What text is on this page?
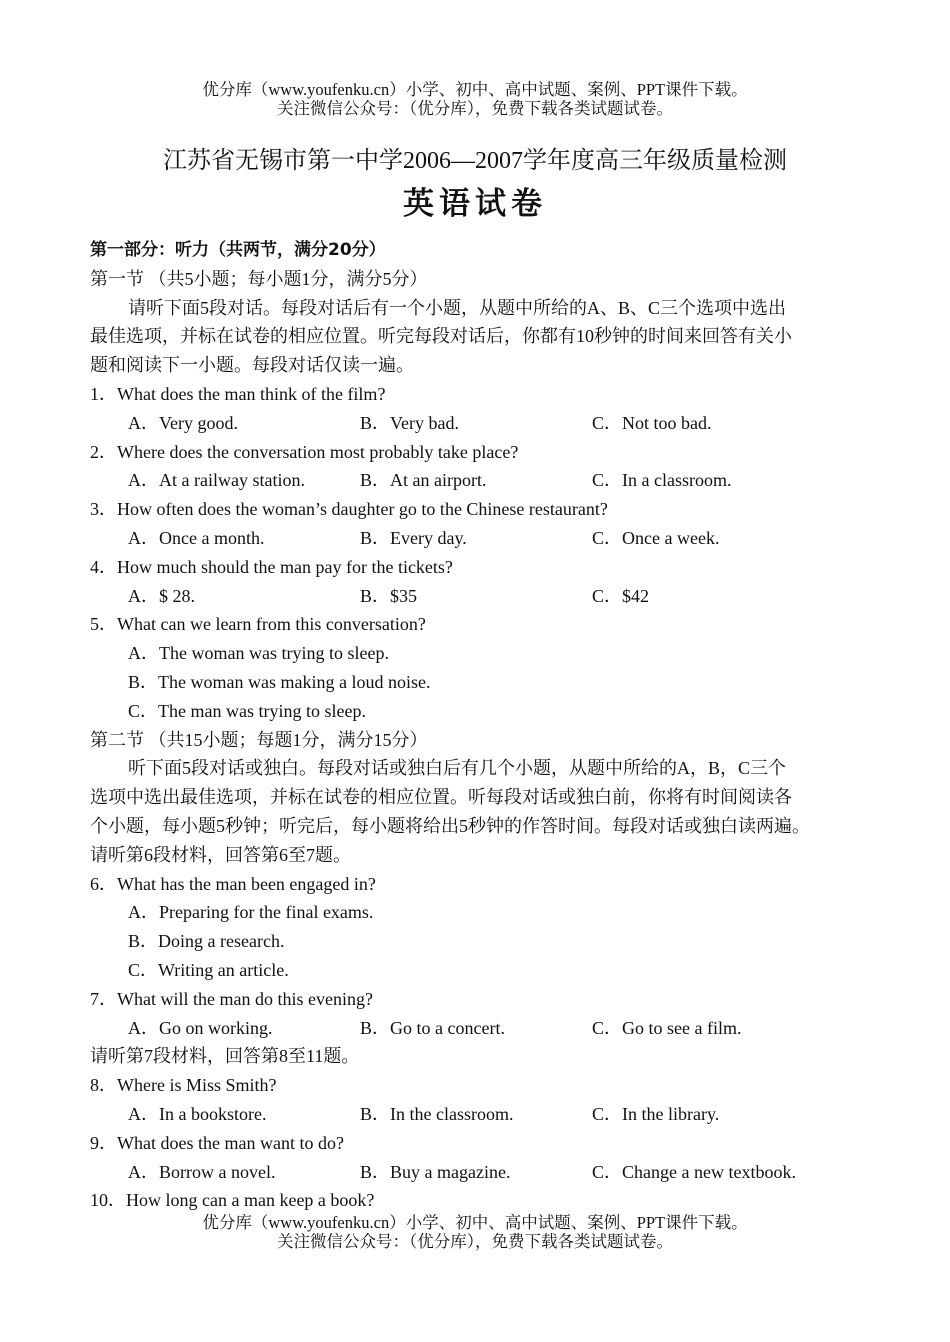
优分库（www.youfenku.cn）小学、初中、高中试题、案例、PPT课件下载。
关注微信公众号：（优分库），免费下载各类试题试卷。
江苏省无锡市第一中学2006—2007学年度高三年级质量检测
英语试卷
第一部分：听力（共两节，满分20分）
第一节 （共5小题；每小题1分，满分5分）
请听下面5段对话。每段对话后有一个小题，从题中所给的A、B、C三个选项中选出
最佳选项，并标在试卷的相应位置。听完每段对话后，你都有10秒钟的时间来回答有关小
题和阅读下一小题。每段对话仅读一遍。
1．What does the man think of the film?
A．Very good.	B．Very bad.	C．Not too bad.
2．Where does the conversation most probably take place?
A．At a railway station.	B．At an airport.	C．In a classroom.
3．How often does the woman’s daughter go to the Chinese restaurant?
A．Once a month.	B．Every day.	C．Once a week.
4．How much should the man pay for the tickets?
A．$ 28.	B．$35	C．$42
5．What can we learn from this conversation?
A．The woman was trying to sleep.
B．The woman was making a loud noise.
C．The man was trying to sleep.
第二节 （共15小题；每题1分，满分15分）
听下面5段对话或独白。每段对话或独白后有几个小题，从题中所给的A，B，C三个
选项中选出最佳选项，并标在试卷的相应位置。听每段对话或独白前，你将有时间阅读各
个小题，每小题5秒钟；听完后，每小题将给出5秒钟的作答时间。每段对话或独白读两遍。
请听第6段材料，回答第6至7题。
6．What has the man been engaged in?
A．Preparing for the final exams.
B．Doing a research.
C．Writing an article.
7．What will the man do this evening?
A．Go on working.	B．Go to a concert.	C．Go to see a film.
请听第7段材料，回答第8至11题。
8．Where is Miss Smith?
A．In a bookstore.	B．In the classroom.	C．In the library.
9．What does the man want to do?
A．Borrow a novel.	B．Buy a magazine.	C．Change a new textbook.
10．How long can a man keep a book?
优分库（www.youfenku.cn）小学、初中、高中试题、案例、PPT课件下载。
关注微信公众号：（优分库），免费下载各类试题试卷。
